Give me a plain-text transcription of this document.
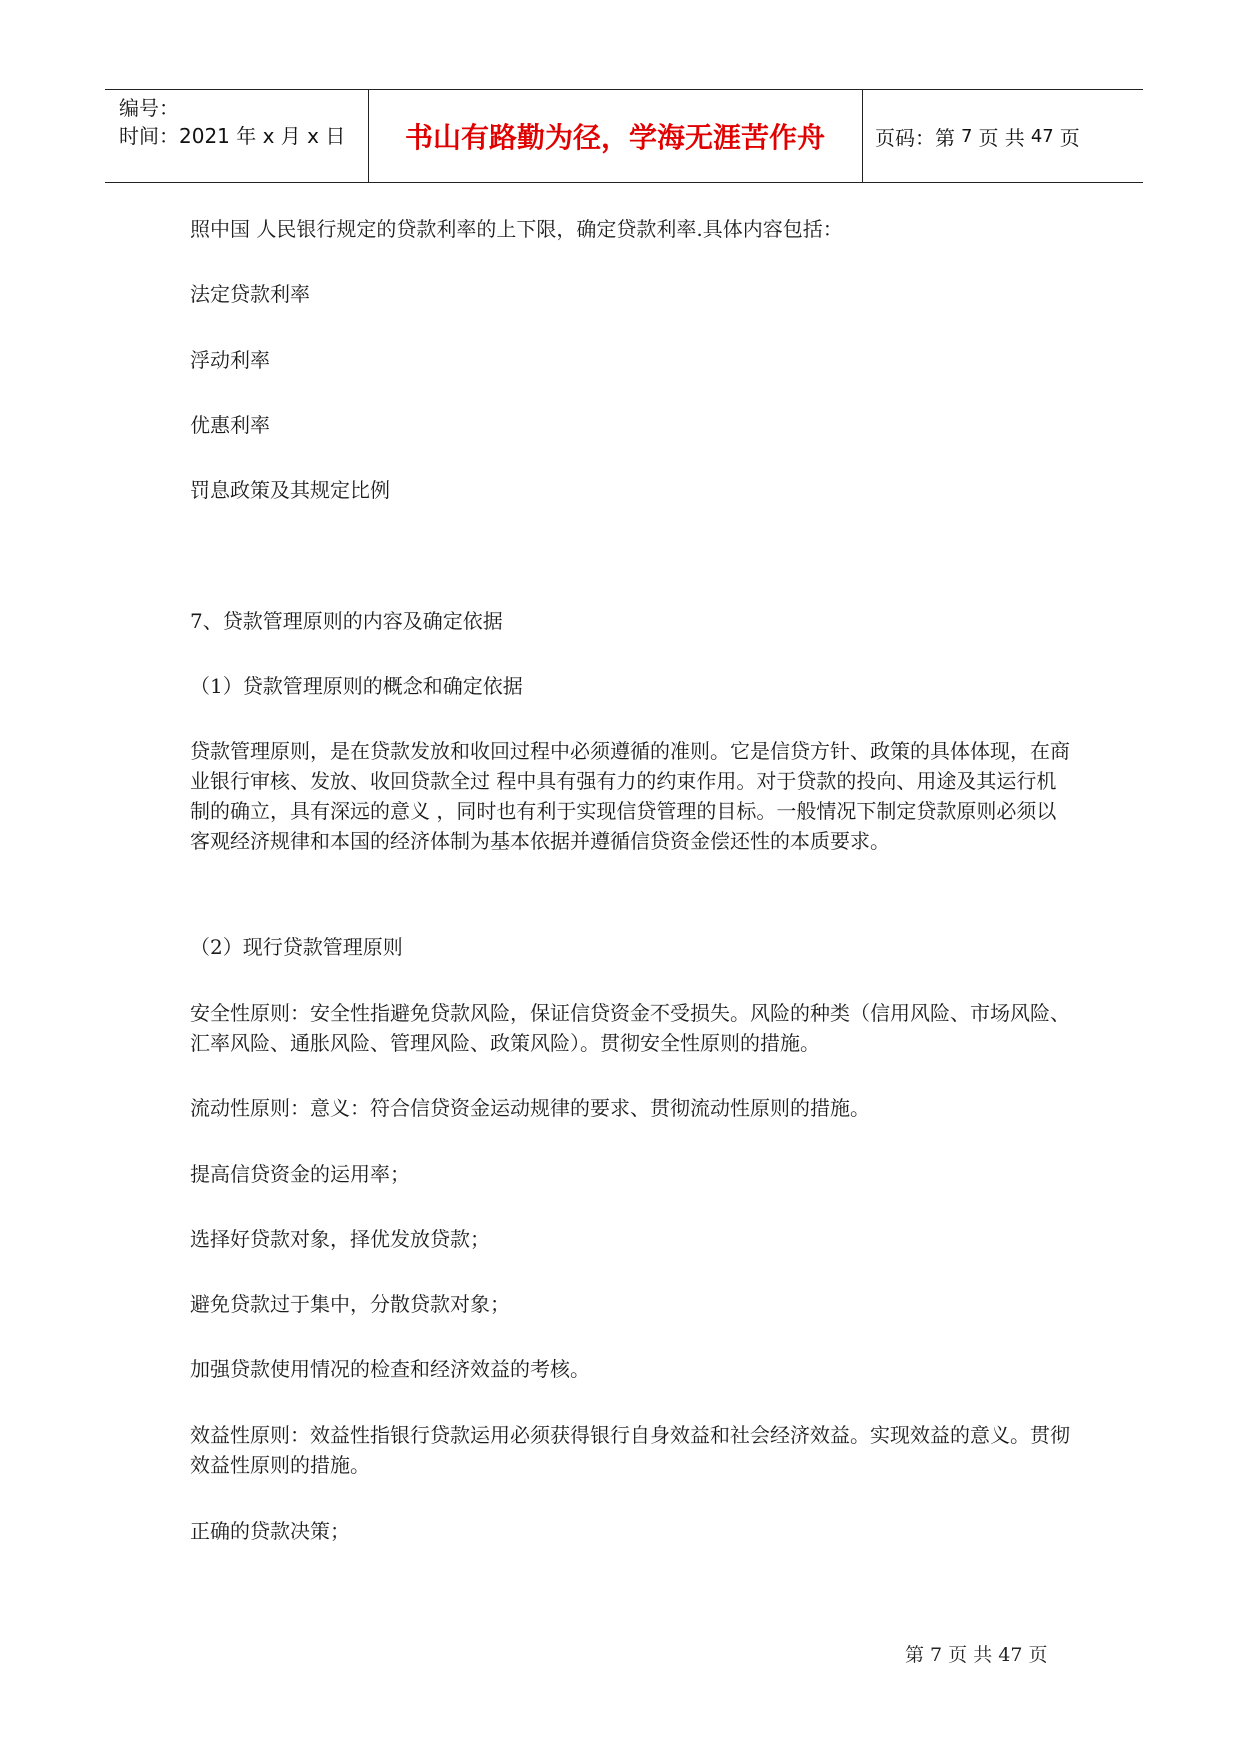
编号：
时间：2021 年 x 月 x 日	书山有路勤为径，学海无涯苦作舟	页码：第 7 页 共 47 页
照中国 人民银行规定的贷款利率的上下限，确定贷款利率.具体内容包括：
法定贷款利率
浮动利率
优惠利率
罚息政策及其规定比例
7、贷款管理原则的内容及确定依据
（1）贷款管理原则的概念和确定依据
贷款管理原则，是在贷款发放和收回过程中必须遵循的准则。它是信贷方针、政策的具体体现，在商业银行审核、发放、收回贷款全过 程中具有强有力的约束作用。对于贷款的投向、用途及其运行机制的确立，具有深远的意义 ，同时也有利于实现信贷管理的目标。一般情况下制定贷款原则必须以客观经济规律和本国的经济体制为基本依据并遵循信贷资金偿还性的本质要求。
（2）现行贷款管理原则
安全性原则：安全性指避免贷款风险，保证信贷资金不受损失。风险的种类（信用风险、市场风险、汇率风险、通胀风险、管理风险、政策风险）。贯彻安全性原则的措施。
流动性原则：意义：符合信贷资金运动规律的要求、贯彻流动性原则的措施。
提高信贷资金的运用率；
选择好贷款对象，择优发放贷款；
避免贷款过于集中，分散贷款对象；
加强贷款使用情况的检查和经济效益的考核。
效益性原则：效益性指银行贷款运用必须获得银行自身效益和社会经济效益。实现效益的意义。贯彻效益性原则的措施。
正确的贷款决策；
第 7 页 共 47 页
